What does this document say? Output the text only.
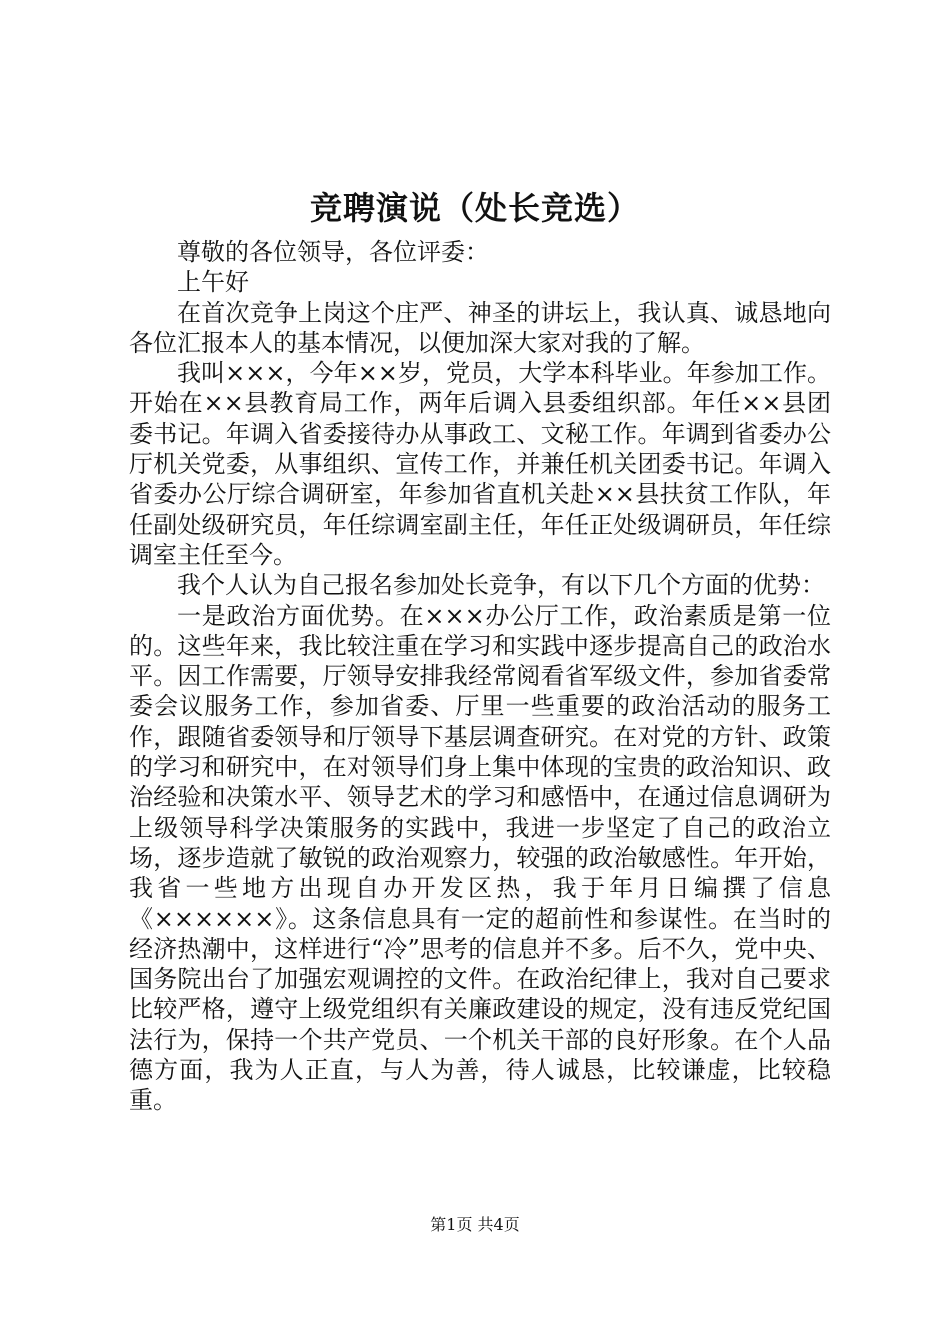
竞聘演说（处长竞选）

尊敬的各位领导，各位评委：

上午好

在首次竞争上岗这个庄严、神圣的讲坛上，我认真、诚恳地向各位汇报本人的基本情况，以便加深大家对我的了解。

我叫×××，今年××岁，党员，大学本科毕业。年参加工作。开始在××县教育局工作，两年后调入县委组织部。年任××县团委书记。年调入省委接待办从事政工、文秘工作。年调到省委办公厅机关党委，从事组织、宣传工作，并兼任机关团委书记。年调入省委办公厅综合调研室，年参加省直机关赴××县扶贫工作队，年任副处级研究员，年任综调室副主任，年任正处级调研员，年任综调室主任至今。

我个人认为自己报名参加处长竞争，有以下几个方面的优势：

一是政治方面优势。在×××办公厅工作，政治素质是第一位的。这些年来，我比较注重在学习和实践中逐步提高自己的政治水平。因工作需要，厅领导安排我经常阅看省军级文件，参加省委常委会议服务工作，参加省委、厅里一些重要的政治活动的服务工作，跟随省委领导和厅领导下基层调查研究。在对党的方针、政策的学习和研究中，在对领导们身上集中体现的宝贵的政治知识、政治经验和决策水平、领导艺术的学习和感悟中，在通过信息调研为上级领导科学决策服务的实践中，我进一步坚定了自己的政治立场，逐步造就了敏锐的政治观察力，较强的政治敏感性。年开始，我省一些地方出现自办开发区热，我于年月日编撰了信息《××××××》。这条信息具有一定的超前性和参谋性。在当时的经济热潮中，这样进行“冷”思考的信息并不多。后不久，党中央、国务院出台了加强宏观调控的文件。在政治纪律上，我对自己要求比较严格，遵守上级党组织有关廉政建设的规定，没有违反党纪国法行为，保持一个共产党员、一个机关干部的良好形象。在个人品德方面，我为人正直，与人为善，待人诚恳，比较谦虚，比较稳重。

第1页 共4页
